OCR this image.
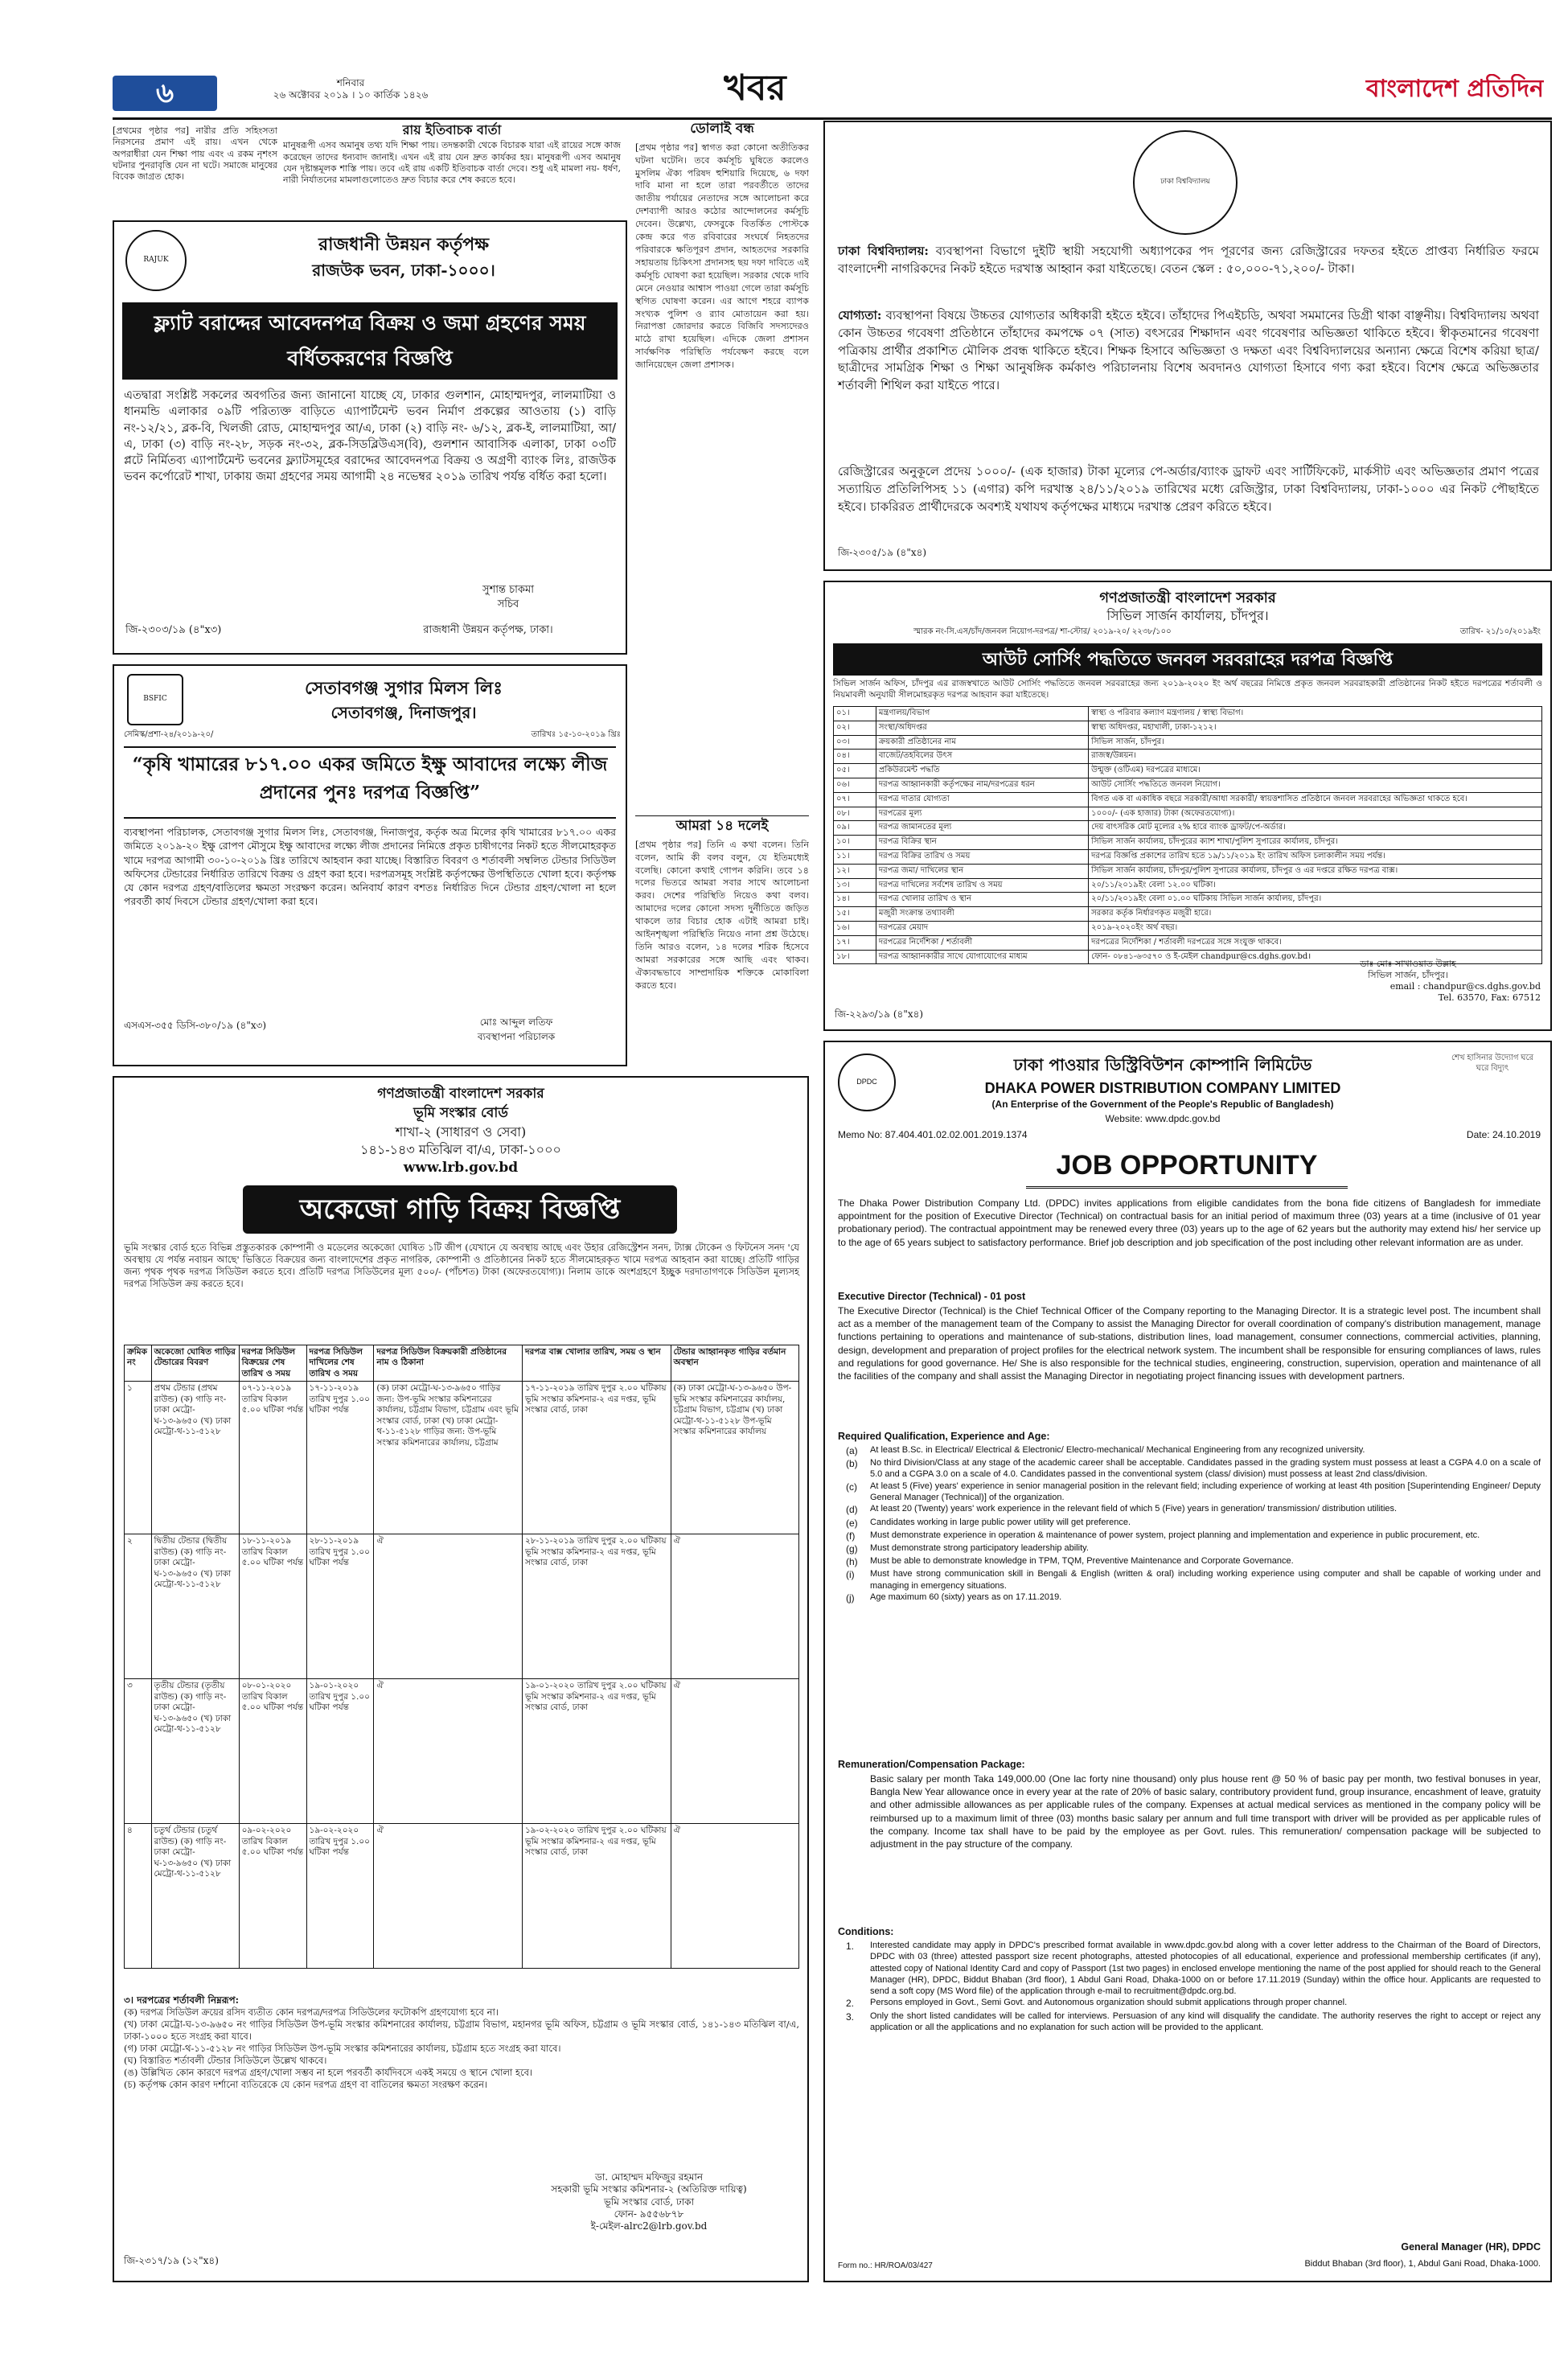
৬	শনিবার
২৬ অক্টোবর ২০১৯ । ১০ কার্তিক ১৪২৬	খবর	বাংলাদেশ প্রতিদিন
[প্রথমের পৃষ্ঠার পর] নারীর প্রতি সহিংসতা নিরসনের প্রমাণ এই রায়। এখন থেকে অপরাধীরা যেন শিক্ষা পায় এবং এ রকম নৃশংস ঘটনার পুনরাবৃত্তি যেন না ঘটে। সমাজে মানুষের বিবেক জাগ্রত হোক।
রায় ইতিবাচক বার্তা
মানুষরূপী এসব অমানুষ তথ্য যদি শিক্ষা পায়। তদন্তকারী থেকে বিচারক যারা এই রায়ের সঙ্গে কাজ করেছেন তাদের ধন্যবাদ জানাই। এখন এই রায় যেন দ্রুত কার্যকর হয়। মানুষরূপী এসব অমানুষ যেন দৃষ্টান্তমূলক শাস্তি পায়। তবে এই রায় একটি ইতিবাচক বার্তা দেবে। শুধু এই মামলা নয়- ধর্ষণ, নারী নির্যাতনের মামলাগুলোতেও দ্রুত বিচার করে শেষ করতে হবে।
RAJUK
রাজধানী উন্নয়ন কর্তৃপক্ষ
রাজউক ভবন, ঢাকা-১০০০।
ফ্ল্যাট বরাদ্দের আবেদনপত্র বিক্রয় ও জমা গ্রহণের সময় বর্ধিতকরণের বিজ্ঞপ্তি
এতদ্বারা সংশ্লিষ্ট সকলের অবগতির জন্য জানানো যাচ্ছে যে, ঢাকার গুলশান, মোহাম্মদপুর, লালমাটিয়া ও ধানমন্ডি এলাকার ০৯টি পরিত্যক্ত বাড়িতে এ্যাপার্টমেন্ট ভবন নির্মাণ প্রকল্পের আওতায় (১) বাড়ি নং-১২/২১, ব্লক-বি, খিলজী রোড, মোহাম্মদপুর আ/এ, ঢাকা (২) বাড়ি নং- ৬/১২, ব্লক-ই, লালমাটিয়া, আ/এ, ঢাকা (৩) বাড়ি নং-২৮, সড়ক নং-৩২, ব্লক-সিডব্লিউএস(বি), গুলশান আবাসিক এলাকা, ঢাকা ০৩টি প্লটে নির্মিতব্য এ্যাপার্টমেন্ট ভবনের ফ্ল্যাটসমূহের বরাদ্দের আবেদনপত্র বিক্রয় ও অগ্রণী ব্যাংক লিঃ, রাজউক ভবন কর্পোরেট শাখা, ঢাকায় জমা গ্রহণের সময় আগামী ২৪ নভেম্বর ২০১৯ তারিখ পর্যন্ত বর্ধিত করা হলো।
সুশান্ত চাকমা
সচিব
জি-২৩০৩/১৯ (৪"x৩)	রাজধানী উন্নয়ন কর্তৃপক্ষ, ঢাকা।
BSFIC
সেতাবগঞ্জ সুগার মিলস লিঃ
সেতাবগঞ্জ, দিনাজপুর।
সেমিস্ক/প্রশা-২৪/২০১৯-২০/	তারিখঃ ১৫-১০-২০১৯ খ্রিঃ
“কৃষি খামারের ৮১৭.০০ একর জমিতে ইক্ষু আবাদের লক্ষ্যে লীজ প্রদানের পুনঃ দরপত্র বিজ্ঞপ্তি”
ব্যবস্থাপনা পরিচালক, সেতাবগঞ্জ সুগার মিলস লিঃ, সেতাবগঞ্জ, দিনাজপুর, কর্তৃক অত্র মিলের কৃষি খামারের ৮১৭.০০ একর জমিতে ২০১৯-২০ ইক্ষু রোপণ মৌসুমে ইক্ষু আবাদের লক্ষ্যে লীজ প্রদানের নিমিত্তে প্রকৃত চাষীগণের নিকট হতে সীলমোহরকৃত খামে দরপত্র আগামী ৩০-১০-২০১৯ খ্রিঃ তারিখে আহবান করা যাচ্ছে। বিস্তারিত বিবরণ ও শর্তাবলী সম্বলিত টেন্ডার সিডিউল অফিসের টেন্ডারের নির্ধারিত তারিখে বিক্রয় ও গ্রহণ করা হবে। দরপত্রসমূহ সংশ্লিষ্ট কর্তৃপক্ষের উপস্থিতিতে খোলা হবে। কর্তৃপক্ষ যে কোন দরপত্র গ্রহণ/বাতিলের ক্ষমতা সংরক্ষণ করেন। অনিবার্য কারণ বশতঃ নির্ধারিত দিনে টেন্ডার গ্রহণ/খোলা না হলে পরবর্তী কার্য দিবসে টেন্ডার গ্রহণ/খোলা করা হবে।
এসএস-৩৫৫ ডিসি-৩৮০/১৯ (৪"x৩)	মোঃ আব্দুল লতিফ
ব্যবস্থাপনা পরিচালক
ডোলাই বন্ধ
[প্রথম পৃষ্ঠার পর] স্বাগত করা কোনো অতীতিকর ঘটনা ঘটেনি। তবে কর্মসূচি ঘুষিতে করলেও মুসলিম ঐক্য পরিষদ হুশিয়ারি দিয়েছে, ৬ দফা দাবি মানা না হলে তারা পরবর্তীতে তাদের জাতীয় পর্যায়ের নেতাদের সঙ্গে আলোচনা করে দেশব্যাপী আরও কঠোর আন্দোলনের কর্মসূচি দেবেন। উল্লেখ্য, ফেসবুকে বিতর্কিত পোস্টকে কেন্দ্র করে গত রবিবারের সংঘর্ষে নিহতদের পরিবারকে ক্ষতিপূরণ প্রদান, আহতদের সরকারি সহায়তায় চিকিৎসা প্রদানসহ ছয় দফা দাবিতে এই কর্মসূচি ঘোষণা করা হয়েছিল। সরকার থেকে দাবি মেনে নেওয়ার আশ্বাস পাওয়া গেলে তারা কর্মসূচি স্থগিত ঘোষণা করেন। এর আগে শহরে ব্যাপক সংখ্যক পুলিশ ও র‌্যাব মোতায়েন করা হয়। নিরাপত্তা জোরদার করতে বিজিবি সদস্যদেরও মাঠে রাখা হয়েছিল। এদিকে জেলা প্রশাসন সার্বক্ষণিক পরিস্থিতি পর্যবেক্ষণ করছে বলে জানিয়েছেন জেলা প্রশাসক।
আমরা ১৪ দলেই
[প্রথম পৃষ্ঠার পর] তিনি এ কথা বলেন। তিনি বলেন, আমি কী বলব বলুন, যে ইতিমধ্যেই বলেছি। কোনো কথাই গোপন করিনি। তবে ১৪ দলের ভিতরে আমরা সবার সাথে আলোচনা করব। দেশের পরিস্থিতি নিয়েও কথা বলব। আমাদের দলের কোনো সদস্য দুর্নীতিতে জড়িত থাকলে তার বিচার হোক এটাই আমরা চাই। আইনশৃঙ্খলা পরিস্থিতি নিয়েও নানা প্রশ্ন উঠেছে। তিনি আরও বলেন, ১৪ দলের শরিক হিসেবে আমরা সরকারের সঙ্গে আছি এবং থাকব। ঐক্যবদ্ধভাবে সাম্প্রদায়িক শক্তিকে মোকাবিলা করতে হবে।
গণপ্রজাতন্ত্রী বাংলাদেশ সরকার
ভূমি সংস্কার বোর্ড
শাখা-২ (সাধারণ ও সেবা)
১৪১-১৪৩ মতিঝিল বা/এ, ঢাকা-১০০০
www.lrb.gov.bd
অকেজো গাড়ি বিক্রয় বিজ্ঞপ্তি
ভূমি সংস্কার বোর্ড হতে বিভিন্ন প্রস্তুতকারক কোম্পানী ও মডেলের অকেজো ঘোষিত ১টি জীপ (যেখানে যে অবস্থায় আছে এবং উহার রেজিস্ট্রেশন সনদ, ট্যাক্স টোকেন ও ফিটনেস সনদ 'যে অবস্থায় যে পর্যন্ত নবায়ন আছে' ভিত্তিতে বিক্রয়ের জন্য বাংলাদেশের প্রকৃত নাগরিক, কোম্পানী ও প্রতিষ্ঠানের নিকট হতে সীলমোহরকৃত খামে দরপত্র আহবান করা যাচ্ছে। প্রতিটি গাড়ির জন্য পৃথক পৃথক দরপত্র সিডিউল করতে হবে। প্রতিটি দরপত্র সিডিউলের মূল্য ৫০০/- (পাঁচশত) টাকা (অফেরতযোগ্য)। নিলাম ডাকে অংশগ্রহণে ইচ্ছুক দরদাতাগণকে সিডিউল মূল্যসহ দরপত্র সিডিউল ক্রয় করতে হবে।
ক্রমিক নং	অকেজো ঘোষিত গাড়ির টেন্ডারের বিবরণ	দরপত্র সিডিউল বিক্রয়ের শেষ তারিখ ও সময়	দরপত্র সিডিউল দাখিলের শেষ তারিখ ও সময়	দরপত্র সিডিউল বিক্রয়কারী প্রতিষ্ঠানের নাম ও ঠিকানা	দরপত্র বাক্স খোলার তারিখ, সময় ও স্থান	টেন্ডার আহ্বানকৃত গাড়ির বর্তমান অবস্থান
১	প্রথম টেন্ডার (প্রথম রাউন্ড) (ক) গাড়ি নং-ঢাকা মেট্রো-ঘ-১৩-৯৬৫০ (খ) ঢাকা মেট্রো-থ-১১-৫১২৮	০৭-১১-২০১৯ তারিখ বিকাল ৫.০০ ঘটিকা পর্যন্ত	১৭-১১-২০১৯ তারিখ দুপুর ১.০০ ঘটিকা পর্যন্ত	(ক) ঢাকা মেট্রো-ঘ-১৩-৯৬৫০ গাড়ির জন্য: উপ-ভূমি সংস্কার কমিশনারের কার্যালয়, চট্টগ্রাম বিভাগ, চট্টগ্রাম এবং ভূমি সংস্কার বোর্ড, ঢাকা (খ) ঢাকা মেট্রো-থ-১১-৫১২৮ গাড়ির জন্য: উপ-ভূমি সংস্কার কমিশনারের কার্যালয়, চট্টগ্রাম	১৭-১১-২০১৯ তারিখ দুপুর ২.০০ ঘটিকায় ভূমি সংস্কার কমিশনার-২ এর দপ্তর, ভূমি সংস্কার বোর্ড, ঢাকা	(ক) ঢাকা মেট্রো-ঘ-১৩-৯৬৫০ উপ-ভূমি সংস্কার কমিশনারের কার্যালয়, চট্টগ্রাম বিভাগ, চট্টগ্রাম (খ) ঢাকা মেট্রো-থ-১১-৫১২৮ উপ-ভূমি সংস্কার কমিশনারের কার্যালয়
২	দ্বিতীয় টেন্ডার (দ্বিতীয় রাউন্ড) (ক) গাড়ি নং-ঢাকা মেট্রো-ঘ-১৩-৯৬৫০ (খ) ঢাকা মেট্রো-থ-১১-৫১২৮	১৮-১১-২০১৯ তারিখ বিকাল ৫.০০ ঘটিকা পর্যন্ত	২৮-১১-২০১৯ তারিখ দুপুর ১.০০ ঘটিকা পর্যন্ত	ঐ	২৮-১১-২০১৯ তারিখ দুপুর ২.০০ ঘটিকায় ভূমি সংস্কার কমিশনার-২ এর দপ্তর, ভূমি সংস্কার বোর্ড, ঢাকা	ঐ
৩	তৃতীয় টেন্ডার (তৃতীয় রাউন্ড) (ক) গাড়ি নং-ঢাকা মেট্রো-ঘ-১৩-৯৬৫০ (খ) ঢাকা মেট্রো-থ-১১-৫১২৮	০৮-০১-২০২০ তারিখ বিকাল ৫.০০ ঘটিকা পর্যন্ত	১৯-০১-২০২০ তারিখ দুপুর ১.০০ ঘটিকা পর্যন্ত	ঐ	১৯-০১-২০২০ তারিখ দুপুর ২.০০ ঘটিকায় ভূমি সংস্কার কমিশনার-২ এর দপ্তর, ভূমি সংস্কার বোর্ড, ঢাকা	ঐ
৪	চতুর্থ টেন্ডার (চতুর্থ রাউন্ড) (ক) গাড়ি নং-ঢাকা মেট্রো-ঘ-১৩-৯৬৫০ (খ) ঢাকা মেট্রো-থ-১১-৫১২৮	০৯-০২-২০২০ তারিখ বিকাল ৫.০০ ঘটিকা পর্যন্ত	১৯-০২-২০২০ তারিখ দুপুর ১.০০ ঘটিকা পর্যন্ত	ঐ	১৯-০২-২০২০ তারিখ দুপুর ২.০০ ঘটিকায় ভূমি সংস্কার কমিশনার-২ এর দপ্তর, ভূমি সংস্কার বোর্ড, ঢাকা	ঐ
৩। দরপত্রের শর্তাবলী নিম্নরূপ:
(ক) দরপত্র সিডিউল ক্রয়ের রসিদ ব্যতীত কোন দরপত্র/দরপত্র সিডিউলের ফটোকপি গ্রহণযোগ্য হবে না।
(খ) ঢাকা মেট্রো-ঘ-১৩-৯৬৫০ নং গাড়ির সিডিউল উপ-ভূমি সংস্কার কমিশনারের কার্যালয়, চট্টগ্রাম বিভাগ, মহানগর ভূমি অফিস, চট্টগ্রাম ও ভূমি সংস্কার বোর্ড, ১৪১-১৪৩ মতিঝিল বা/এ, ঢাকা-১০০০ হতে সংগ্রহ করা যাবে।
(গ) ঢাকা মেট্রো-থ-১১-৫১২৮ নং গাড়ির সিডিউল উপ-ভূমি সংস্কার কমিশনারের কার্যালয়, চট্টগ্রাম হতে সংগ্রহ করা যাবে।
(ঘ) বিস্তারিত শর্তাবলী টেন্ডার সিডিউলে উল্লেখ থাকবে।
(ঙ) উল্লিখিত কোন কারণে দরপত্র গ্রহণ/খোলা সম্ভব না হলে পরবর্তী কার্যদিবসে একই সময়ে ও স্থানে খোলা হবে।
(চ) কর্তৃপক্ষ কোন কারণ দর্শানো ব্যতিরেকে যে কোন দরপত্র গ্রহণ বা বাতিলের ক্ষমতা সংরক্ষণ করেন।
ডা. মোহাম্মদ মফিজুর রহমান
সহকারী ভূমি সংস্কার কমিশনার-২ (অতিরিক্ত দায়িত্ব)
ভূমি সংস্কার বোর্ড, ঢাকা
ফোন- ৯৫৫৬৮৭৮
ই-মেইল-alrc2@lrb.gov.bd
জি-২৩১৭/১৯ (১২"x৪)
ঢাকা বিশ্ববিদ্যালয়
ঢাকা বিশ্ববিদ্যালয়: ব্যবস্থাপনা বিভাগে দুইটি স্থায়ী সহযোগী অধ্যাপকের পদ পূরণের জন্য রেজিস্ট্রারের দফতর হইতে প্রাপ্তব্য নির্ধারিত ফরমে বাংলাদেশী নাগরিকদের নিকট হইতে দরখাস্ত আহ্বান করা যাইতেছে। বেতন স্কেল : ৫০,০০০-৭১,২০০/- টাকা।
যোগ্যতা: ব্যবস্থাপনা বিষয়ে উচ্চতর যোগ্যতার অধিকারী হইতে হইবে। তাঁহাদের পিএইচডি, অথবা সমমানের ডিগ্রী থাকা বাঞ্ছনীয়। বিশ্ববিদ্যালয় অথবা কোন উচ্চতর গবেষণা প্রতিষ্ঠানে তাঁহাদের কমপক্ষে ০৭ (সাত) বৎসরের শিক্ষাদান এবং গবেষণার অভিজ্ঞতা থাকিতে হইবে। স্বীকৃতমানের গবেষণা পত্রিকায় প্রার্থীর প্রকাশিত মৌলিক প্রবন্ধ থাকিতে হইবে। শিক্ষক হিসাবে অভিজ্ঞতা ও দক্ষতা এবং বিশ্ববিদ্যালয়ের অন্যান্য ক্ষেত্রে বিশেষ করিয়া ছাত্র/ছাত্রীদের সামগ্রিক শিক্ষা ও শিক্ষা আনুষঙ্গিক কর্মকাণ্ড পরিচালনায় বিশেষ অবদানও যোগ্যতা হিসাবে গণ্য করা হইবে। বিশেষ ক্ষেত্রে অভিজ্ঞতার শর্তাবলী শিথিল করা যাইতে পারে।
রেজিস্ট্রারের অনুকূলে প্রদেয় ১০০০/- (এক হাজার) টাকা মূল্যের পে-অর্ডার/ব্যাংক ড্রাফট এবং সার্টিফিকেট, মার্কসীট এবং অভিজ্ঞতার প্রমাণ পত্রের সত্যায়িত প্রতিলিপিসহ ১১ (এগার) কপি দরখাস্ত ২৪/১১/২০১৯ তারিখের মধ্যে রেজিস্ট্রার, ঢাকা বিশ্ববিদ্যালয়, ঢাকা-১০০০ এর নিকট পৌছাইতে হইবে। চাকরিরত প্রার্থীদেরকে অবশ্যই যথাযথ কর্তৃপক্ষের মাধ্যমে দরখাস্ত প্রেরণ করিতে হইবে।
জি-২৩০৫/১৯ (৪"x৪)
গণপ্রজাতন্ত্রী বাংলাদেশ সরকার
সিভিল সার্জন কার্যালয়, চাঁদপুর।
স্মারক নং-সি.এস/চাঁদ/জনবল নিয়োগ-দরপত্র/ শা-স্টোর/ ২০১৯-২০/ ২২৩৮/১০০	তারিখ- ২১/১০/২০১৯ইং
আউট সোর্সিং পদ্ধতিতে জনবল সরবরাহের দরপত্র বিজ্ঞপ্তি
সিভিল সার্জন অফিস, চাঁদপুর এর রাজস্বখাতে আউট সোর্সিং পদ্ধতিতে জনবল সরবরাহের জন্য ২০১৯-২০২০ ইং অর্থ বছরের নিমিত্তে প্রকৃত জনবল সরবরাহকারী প্রতিষ্ঠানের নিকট হইতে দরপত্রের শর্তাবলী ও নিয়মাবলী অনুযায়ী সীলমোহরকৃত দরপত্র আহবান করা যাইতেছে।
০১।	মন্ত্রণালয়/বিভাগ	স্বাস্থ্য ও পরিবার কল্যাণ মন্ত্রণালয় / স্বাস্থ্য বিভাগ।
০২।	সংস্থা/অধিদপ্তর	স্বাস্থ্য অধিদপ্তর, মহাখালী, ঢাকা-১২১২।
০৩।	ক্রয়কারী প্রতিষ্ঠানের নাম	সিভিল সার্জন, চাঁদপুর।
০৪।	বাজেট/তহবিলের উৎস	রাজস্ব/উন্নয়ন।
০৫।	প্রকিউরমেন্ট পদ্ধতি	উন্মুক্ত (ওটিএম) দরপত্রের মাধ্যমে।
০৬।	দরপত্র আহ্বানকারী কর্তৃপক্ষের নাম/দরপত্রের ধরন	আউট সোর্সিং পদ্ধতিতে জনবল নিয়োগ।
০৭।	দরপত্র দাতার যোগ্যতা	বিগত এক বা একাধিক বছরে সরকারী/আধা সরকারী/ স্বায়ত্তশাসিত প্রতিষ্ঠানে জনবল সরবরাহের অভিজ্ঞতা থাকতে হবে।
০৮।	দরপত্রের মূল্য	১০০০/- (এক হাজার) টাকা (অফেরতযোগ্য)।
০৯।	দরপত্র জামানতের মূল্য	দেয় বাৎসরিক মোট মূল্যের ২% হারে ব্যাংক ড্রাফট/পে-অর্ডার।
১০।	দরপত্র বিক্রির স্থান	সিভিল সার্জন কার্যালয়, চাঁদপুরের ক্যাশ শাখা/পুলিশ সুপারের কার্যালয়, চাঁদপুর।
১১।	দরপত্র বিক্রির তারিখ ও সময়	দরপত্র বিজ্ঞপ্তি প্রকাশের তারিখ হতে ১৯/১১/২০১৯ ইং তারিখ অফিস চলাকালীন সময় পর্যন্ত।
১২।	দরপত্র জমা/ দাখিলের স্থান	সিভিল সার্জন কার্যালয়, চাঁদপুর/পুলিশ সুপারের কার্যালয়, চাঁদপুর ও এর দপ্তরে রক্ষিত দরপত্র বাক্স।
১৩।	দরপত্র দাখিলের সর্বশেষ তারিখ ও সময়	২০/১১/২০১৯ইং বেলা ১২.০০ ঘটিকা।
১৪।	দরপত্র খোলার তারিখ ও স্থান	২০/১১/২০১৯ইং বেলা ০১.০০ ঘটিকায় সিভিল সার্জন কার্যালয়, চাঁদপুর।
১৫।	মজুরী সংক্রান্ত তথ্যাবলী	সরকার কর্তৃক নির্ধারণকৃত মজুরী হারে।
১৬।	দরপত্রের মেয়াদ	২০১৯-২০২০ইং অর্থ বছর।
১৭।	দরপত্রের নির্দেশিকা / শর্তাবলী	দরপত্রের নির্দেশিকা / শর্তাবলী দরপত্রের সঙ্গে সংযুক্ত থাকবে।
১৮।	দরপত্র আহ্বানকারীর সাথে যোগাযোগের মাধ্যম	ফোন- ০৮৪১-৬৩৫৭০ ও ই-মেইল chandpur@cs.dghs.gov.bd।
ডাঃ মোঃ সাখাওয়াত উল্লাহ
সিভিল সার্জন, চাঁদপুর।
email : chandpur@cs.dghs.gov.bd
Tel. 63570, Fax: 67512
জি-২২৯৩/১৯ (৪"x৪)
DPDC
ঢাকা পাওয়ার ডিস্ট্রিবিউশন কোম্পানি লিমিটেড
DHAKA POWER DISTRIBUTION COMPANY LIMITED
(An Enterprise of the Government of the People's Republic of Bangladesh)
Website: www.dpdc.gov.bd
শেখ হাসিনার উদ্যোগ ঘরে ঘরে বিদ্যুৎ
Memo No: 87.404.401.02.02.001.2019.1374	Date: 24.10.2019
JOB OPPORTUNITY
The Dhaka Power Distribution Company Ltd. (DPDC) invites applications from eligible candidates from the bona fide citizens of Bangladesh for immediate appointment for the position of Executive Director (Technical) on contractual basis for an initial period of maximum three (03) years at a time (inclusive of 01 year probationary period). The contractual appointment may be renewed every three (03) years up to the age of 62 years but the authority may extend his/ her service up to the age of 65 years subject to satisfactory performance. Brief job description and job specification of the post including other relevant information are as under.
Executive Director (Technical) - 01 post
The Executive Director (Technical) is the Chief Technical Officer of the Company reporting to the Managing Director. It is a strategic level post. The incumbent shall act as a member of the management team of the Company to assist the Managing Director for overall coordination of company's distribution management, manage functions pertaining to operations and maintenance of sub-stations, distribution lines, load management, consumer connections, commercial activities, planning, design, development and preparation of project profiles for the electrical network system. The incumbent shall be responsible for ensuring compliances of laws, rules and regulations for good governance. He/ She is also responsible for the technical studies, engineering, construction, supervision, operation and maintenance of all the facilities of the company and shall assist the Managing Director in negotiating project financing issues with development partners.
Required Qualification, Experience and Age:
(a)	At least B.Sc. in Electrical/ Electrical & Electronic/ Electro-mechanical/ Mechanical Engineering from any recognized university.
(b)	No third Division/Class at any stage of the academic career shall be acceptable. Candidates passed in the grading system must possess at least a CGPA 4.0 on a scale of 5.0 and a CGPA 3.0 on a scale of 4.0. Candidates passed in the conventional system (class/ division) must possess at least 2nd class/division.
(c)	At least 5 (Five) years' experience in senior managerial position in the relevant field; including experience of working at least 4th position [Superintending Engineer/ Deputy General Manager (Technical)] of the organization.
(d)	At least 20 (Twenty) years' work experience in the relevant field of which 5 (Five) years in generation/ transmission/ distribution utilities.
(e)	Candidates working in large public power utility will get preference.
(f)	Must demonstrate experience in operation & maintenance of power system, project planning and implementation and experience in public procurement, etc.
(g)	Must demonstrate strong participatory leadership ability.
(h)	Must be able to demonstrate knowledge in TPM, TQM, Preventive Maintenance and Corporate Governance.
(i)	Must have strong communication skill in Bengali & English (written & oral) including working experience using computer and shall be capable of working under and managing in emergency situations.
(j)	Age maximum 60 (sixty) years as on 17.11.2019.
Remuneration/Compensation Package:
Basic salary per month Taka 149,000.00 (One lac forty nine thousand) only plus house rent @ 50 % of basic pay per month, two festival bonuses in year, Bangla New Year allowance once in every year at the rate of 20% of basic salary, contributory provident fund, group insurance, encashment of leave, gratuity and other admissible allowances as per applicable rules of the company. Expenses at actual medical services as mentioned in the company policy will be reimbursed up to a maximum limit of three (03) months basic salary per annum and full time transport with driver will be provided as per applicable rules of the company. Income tax shall have to be paid by the employee as per Govt. rules. This remuneration/ compensation package will be subjected to adjustment in the pay structure of the company.
Conditions:
1.	Interested candidate may apply in DPDC's prescribed format available in www.dpdc.gov.bd along with a cover letter address to the Chairman of the Board of Directors, DPDC with 03 (three) attested passport size recent photographs, attested photocopies of all educational, experience and professional membership certificates (if any), attested copy of National Identity Card and copy of Passport (1st two pages) in enclosed envelope mentioning the name of the post applied for should reach to the General Manager (HR), DPDC, Biddut Bhaban (3rd floor), 1 Abdul Gani Road, Dhaka-1000 on or before 17.11.2019 (Sunday) within the office hour. Applicants are requested to send a soft copy (MS Word file) of the application through e-mail to recruitment@dpdc.org.bd.
2.	Persons employed in Govt., Semi Govt. and Autonomous organization should submit applications through proper channel.
3.	Only the short listed candidates will be called for interviews. Persuasion of any kind will disqualify the candidate. The authority reserves the right to accept or reject any application or all the applications and no explanation for such action will be provided to the applicant.
General Manager (HR), DPDC
Biddut Bhaban (3rd floor), 1, Abdul Gani Road, Dhaka-1000.
Form no.: HR/ROA/03/427
